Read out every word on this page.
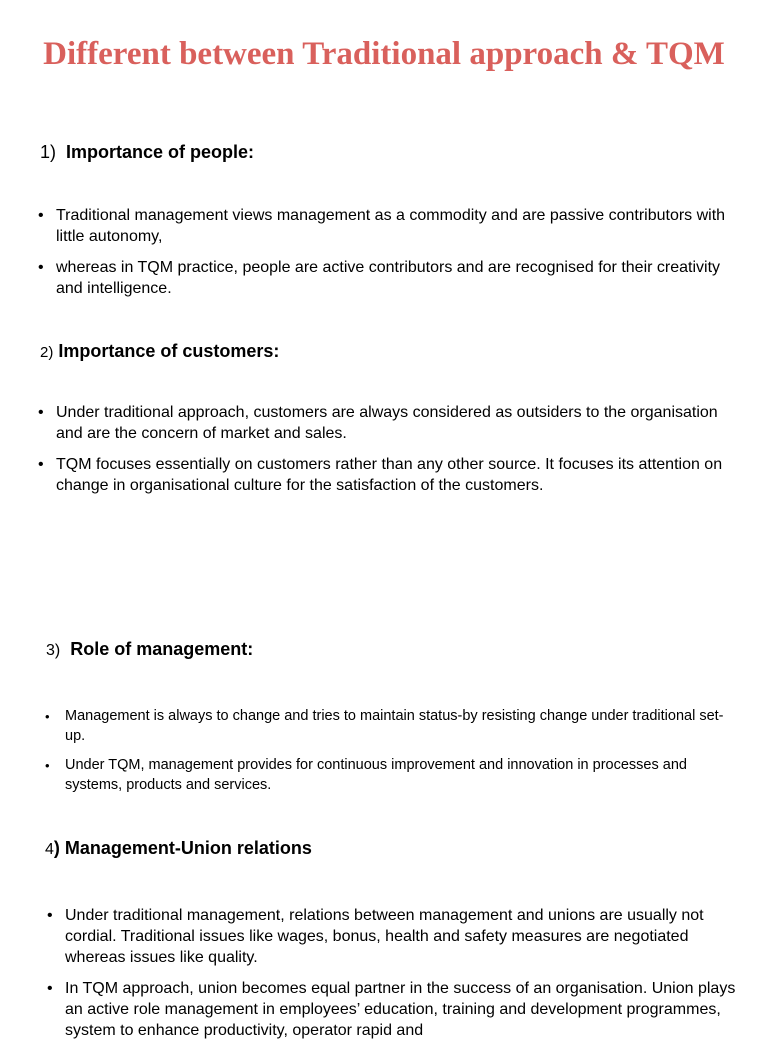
Different between Traditional approach & TQM
1) Importance of people:
• Traditional management views management as a commodity and are passive contributors with little autonomy,
• whereas in TQM practice, people are active contributors and are recognised for their creativity and intelligence.
2) Importance of customers:
• Under traditional approach, customers are always considered as outsiders to the organisation and are the concern of market and sales.
• TQM focuses essentially on customers rather than any other source. It focuses its attention on change in organisational culture for the satisfaction of the customers.
3) Role of management:
• Management is always to change and tries to maintain status-by resisting change under traditional set-up.
• Under TQM, management provides for continuous improvement and innovation in processes and systems, products and services.
4) Management-Union relations
• Under traditional management, relations between management and unions are usually not cordial. Traditional issues like wages, bonus, health and safety measures are negotiated whereas issues like quality.
• In TQM approach, union becomes equal partner in the success of an organisation. Union plays an active role management in employees’ education, training and development programmes, system to enhance productivity, operator rapid and
